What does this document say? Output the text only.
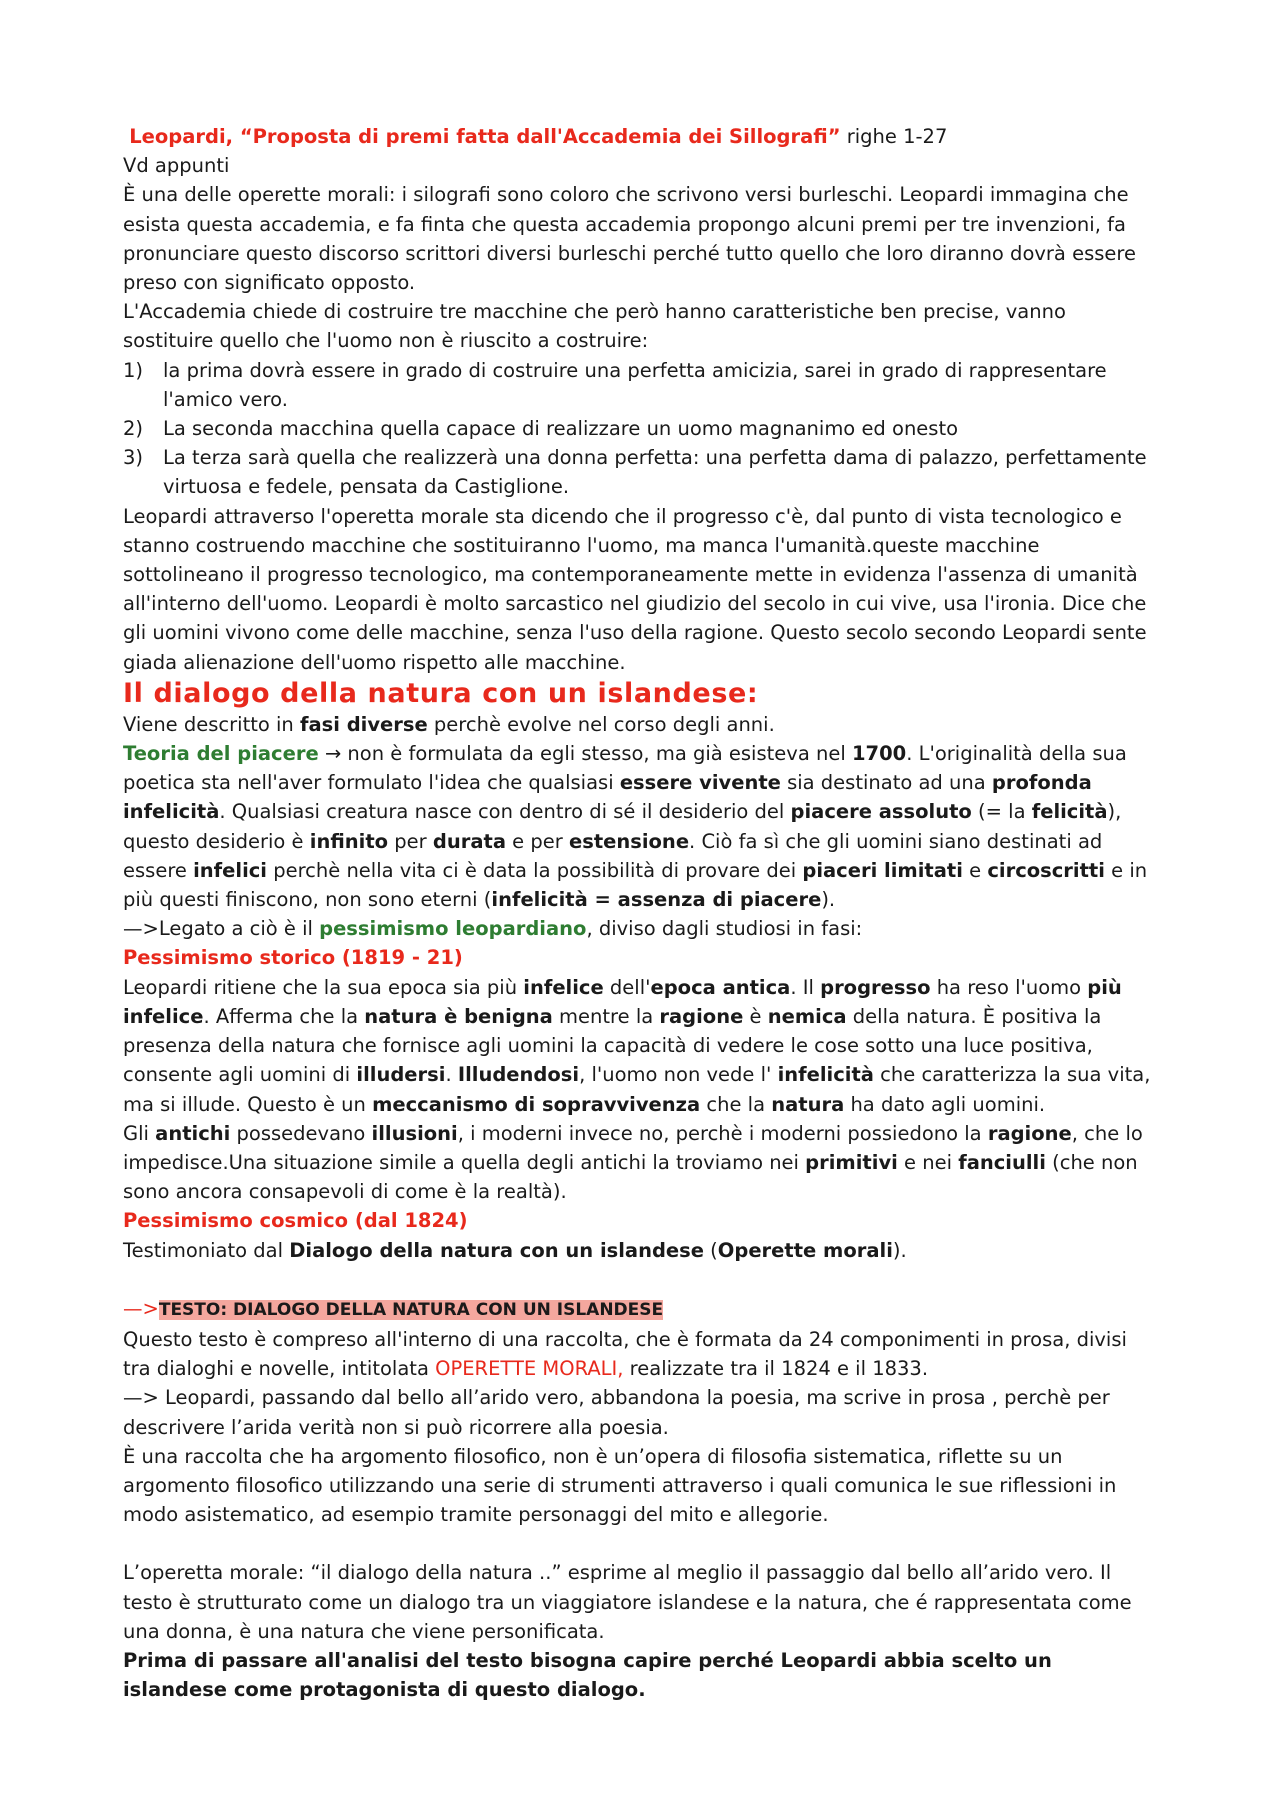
Leopardi, “Proposta di premi fatta dall'Accademia dei Sillografi” righe 1-27

Vd appunti

È una delle operette morali: i silografi sono coloro che scrivono versi burleschi. Leopardi immagina che esista questa accademia, e fa finta che questa accademia propongo alcuni premi per tre invenzioni, fa pronunciare questo discorso scrittori diversi burleschi perché tutto quello che loro diranno dovrà essere preso con significato opposto.

L'Accademia chiede di costruire tre macchine che però hanno caratteristiche ben precise, vanno sostituire quello che l'uomo non è riuscito a costruire:

1) la prima dovrà essere in grado di costruire una perfetta amicizia, sarei in grado di rappresentare l'amico vero.
2) La seconda macchina quella capace di realizzare un uomo magnanimo ed onesto
3) La terza sarà quella che realizzerà una donna perfetta: una perfetta dama di palazzo, perfettamente virtuosa e fedele, pensata da Castiglione.

Leopardi attraverso l'operetta morale sta dicendo che il progresso c'è, dal punto di vista tecnologico e stanno costruendo macchine che sostituiranno l'uomo, ma manca l'umanità.queste macchine sottolineano il progresso tecnologico, ma contemporaneamente mette in evidenza l'assenza di umanità all'interno dell'uomo. Leopardi è molto sarcastico nel giudizio del secolo in cui vive, usa l'ironia. Dice che gli uomini vivono come delle macchine, senza l'uso della ragione. Questo secolo secondo Leopardi sente giada alienazione dell'uomo rispetto alle macchine.

Il dialogo della natura con un islandese:

Viene descritto in fasi diverse perchè evolve nel corso degli anni.

Teoria del piacere → non è formulata da egli stesso, ma già esisteva nel 1700. L'originalità della sua poetica sta nell'aver formulato l'idea che qualsiasi essere vivente sia destinato ad una profonda infelicità. Qualsiasi creatura nasce con dentro di sé il desiderio del piacere assoluto (= la felicità), questo desiderio è infinito per durata e per estensione. Ciò fa sì che gli uomini siano destinati ad essere infelici perchè nella vita ci è data la possibilità di provare dei piaceri limitati e circoscritti e in più questi finiscono, non sono eterni (infelicità = assenza di piacere).

—>Legato a ciò è il pessimismo leopardiano, diviso dagli studiosi in fasi:

Pessimismo storico (1819 - 21)

Leopardi ritiene che la sua epoca sia più infelice dell'epoca antica. Il progresso ha reso l'uomo più infelice. Afferma che la natura è benigna mentre la ragione è nemica della natura. È positiva la presenza della natura che fornisce agli uomini la capacità di vedere le cose sotto una luce positiva, consente agli uomini di illudersi. Illudendosi, l'uomo non vede l' infelicità che caratterizza la sua vita, ma si illude. Questo è un meccanismo di sopravvivenza che la natura ha dato agli uomini.

Gli antichi possedevano illusioni, i moderni invece no, perchè i moderni possiedono la ragione, che lo impedisce.Una situazione simile a quella degli antichi la troviamo nei primitivi e nei fanciulli (che non sono ancora consapevoli di come è la realtà).

Pessimismo cosmico (dal 1824)

Testimoniato dal Dialogo della natura con un islandese (Operette morali).

—>TESTO: DIALOGO DELLA NATURA CON UN ISLANDESE

Questo testo è compreso all'interno di una raccolta, che è formata da 24 componimenti in prosa, divisi tra dialoghi e novelle, intitolata OPERETTE MORALI, realizzate tra il 1824 e il 1833.

—> Leopardi, passando dal bello all’arido vero, abbandona la poesia, ma scrive in prosa , perchè per descrivere l’arida verità non si può ricorrere alla poesia.

È una raccolta che ha argomento filosofico, non è un’opera di filosofia sistematica, riflette su un argomento filosofico utilizzando una serie di strumenti attraverso i quali comunica le sue riflessioni in modo asistematico, ad esempio tramite personaggi del mito e allegorie.

L’operetta morale: “il dialogo della natura ..” esprime al meglio il passaggio dal bello all’arido vero. Il testo è strutturato come un dialogo tra un viaggiatore islandese e la natura, che é rappresentata come una donna, è una natura che viene personificata.

Prima di passare all'analisi del testo bisogna capire perché Leopardi abbia scelto un islandese come protagonista di questo dialogo.
